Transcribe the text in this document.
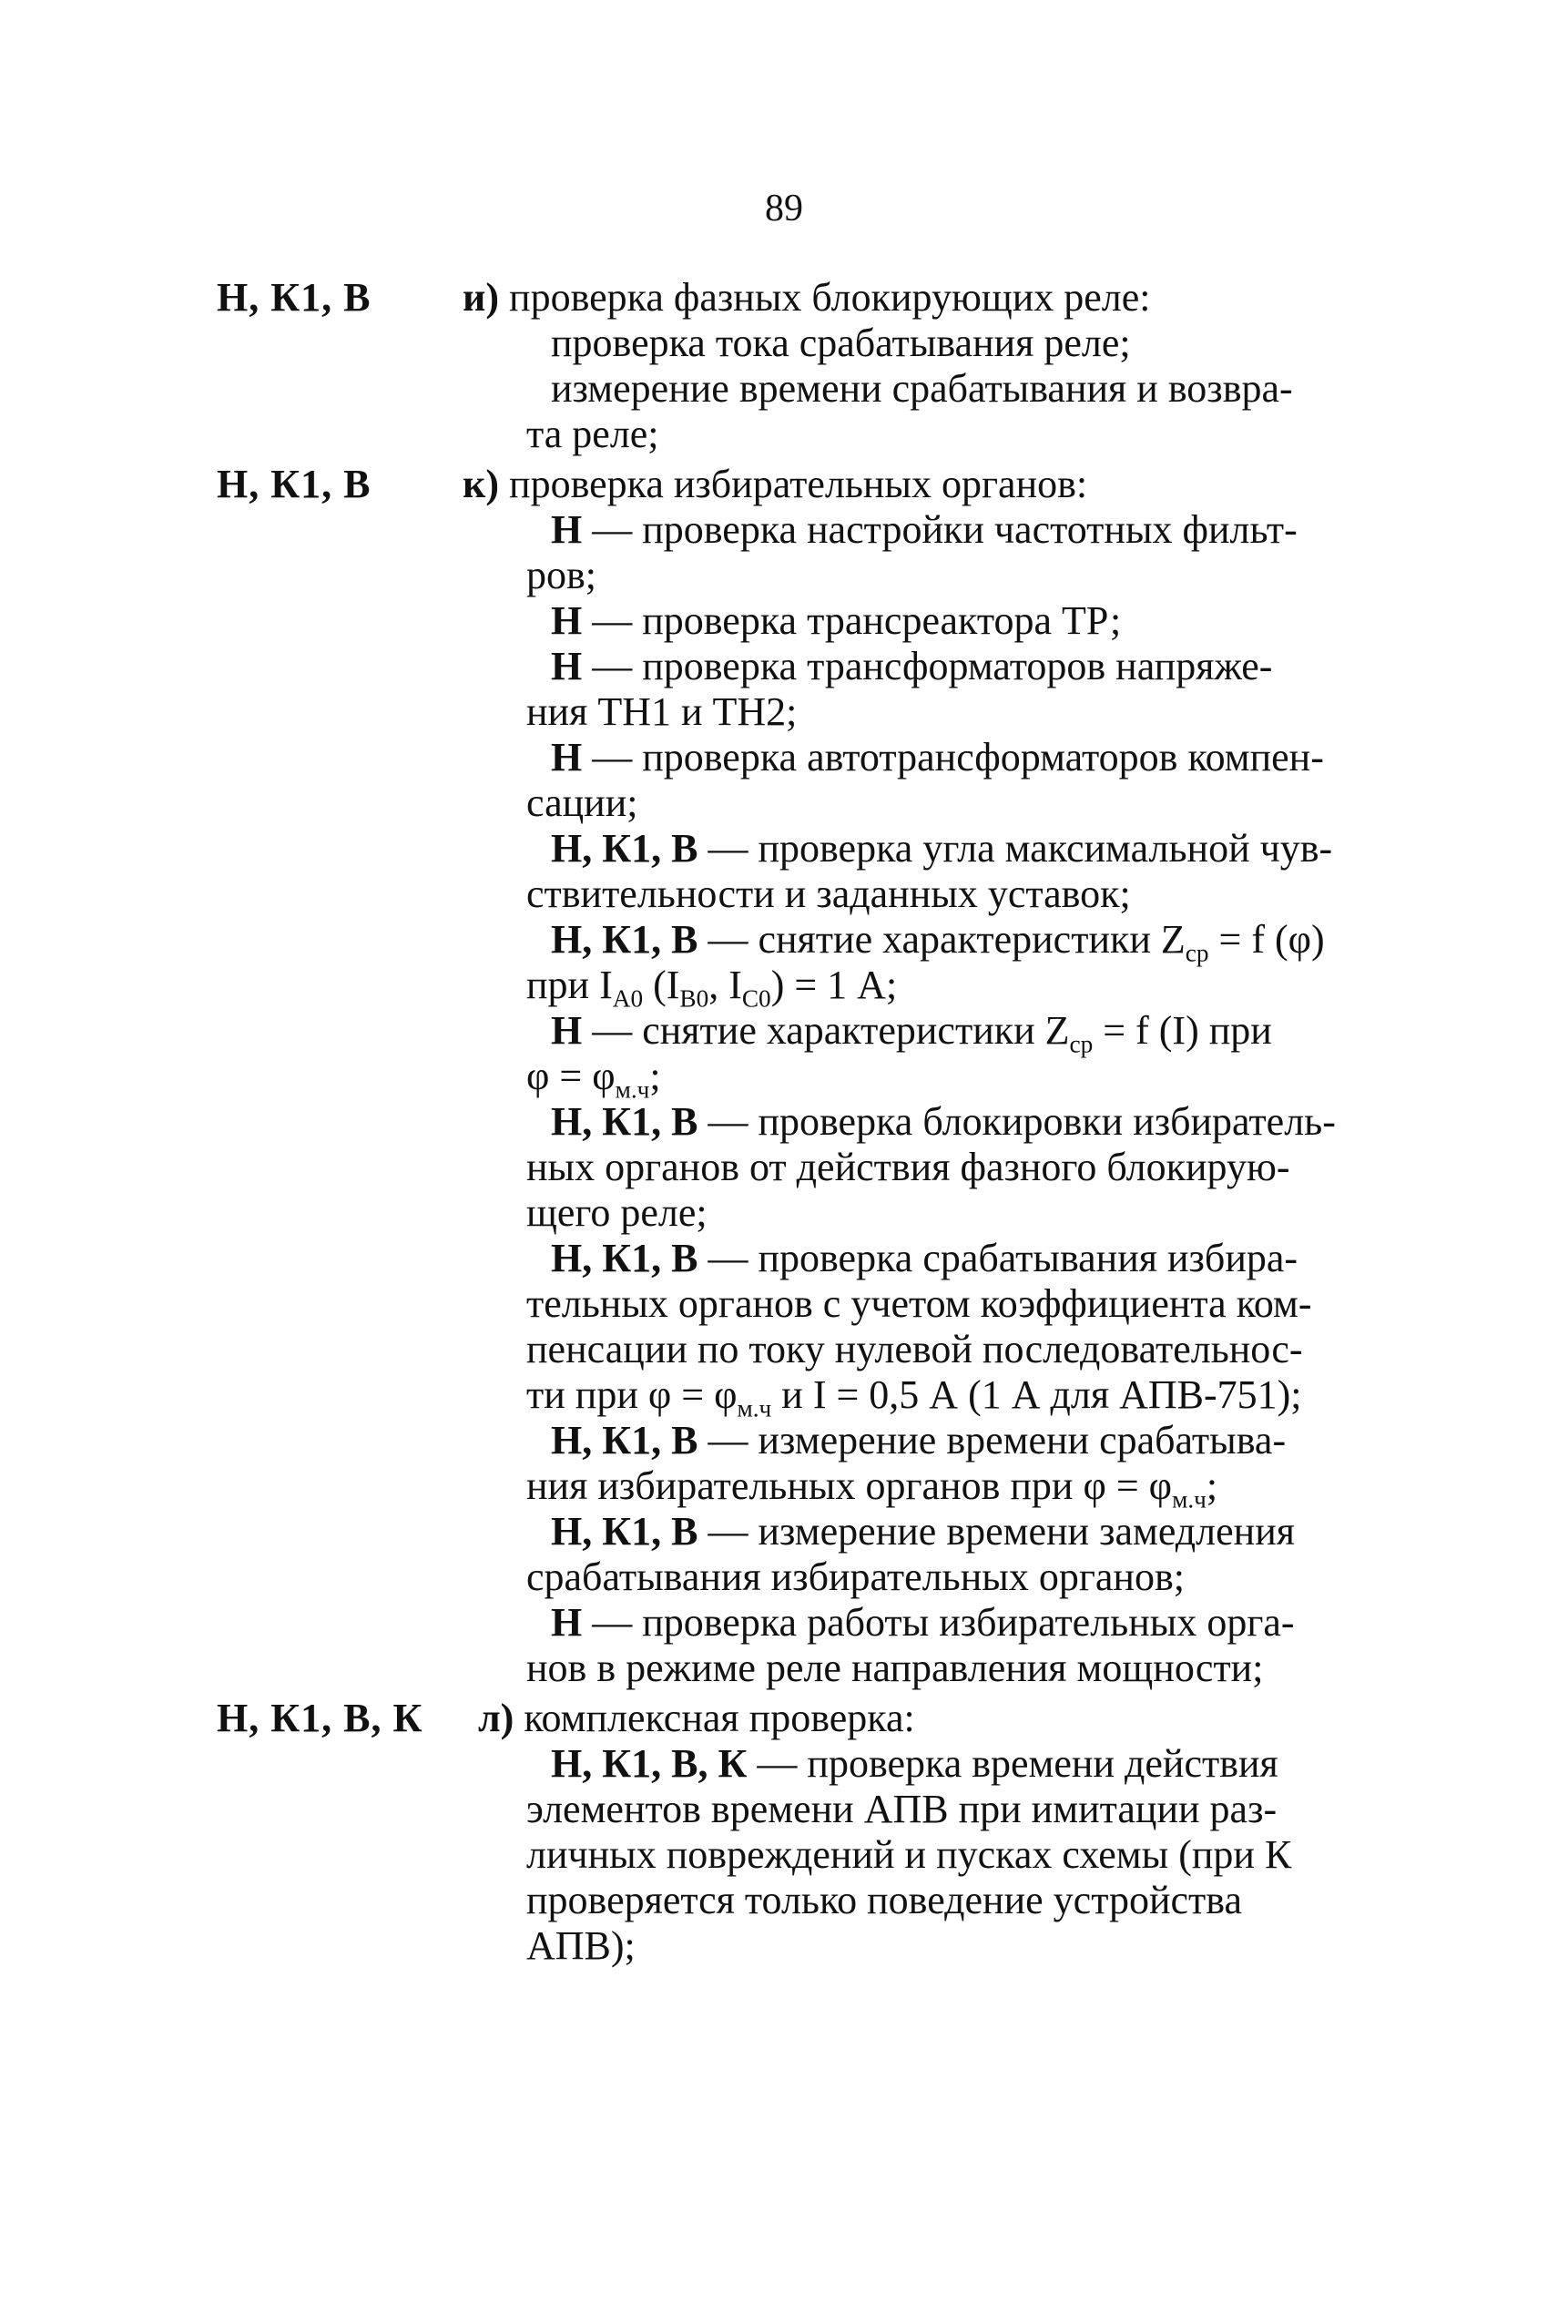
89
Н, К1, В и) проверка фазных блокирующих реле:
проверка тока срабатывания реле;
измерение времени срабатывания и возвра-
та реле;
Н, К1, В к) проверка избирательных органов:
Н — проверка настройки частотных фильт-
ров;
Н — проверка трансреактора ТР;
Н — проверка трансформаторов напряже-
ния ТН1 и ТН2;
Н — проверка автотрансформаторов компен-
сации;
Н, К1, В — проверка угла максимальной чув-
ствительности и заданных уставок;
Н, К1, В — снятие характеристики $Z_{ср} = f$ (φ)
при $I_{А0}$ ($I_{В0}$, $I_{С0}) = 1$ А;
Н — снятие характеристики $Z_{ср} = f$ (I) при
$\varphi = \varphi_{м.ч}$;
Н, К1, В — проверка блокировки избиратель-
ных органов от действия фазного блокирую-
щего реле;
Н, К1, В — проверка срабатывания избира-
тельных органов с учетом коэффициента ком-
пенсации по току нулевой последовательнос-
ти при $\varphi = \varphi_{м.ч}$ и I = 0,5 А (1 А для АПВ-751);
Н, К1, В — измерение времени срабатыва-
ния избирательных органов при $\varphi = \varphi_{м.ч}$;
Н, К1, В — измерение времени замедления
срабатывания избирательных органов;
Н — проверка работы избирательных орга-
нов в режиме реле направления мощности;
Н, К1, В, К л) комплексная проверка:
Н, К1, В, К — проверка времени действия
элементов времени АПВ при имитации раз-
личных повреждений и пусках схемы (при К
проверяется только поведение устройства
АПВ);
